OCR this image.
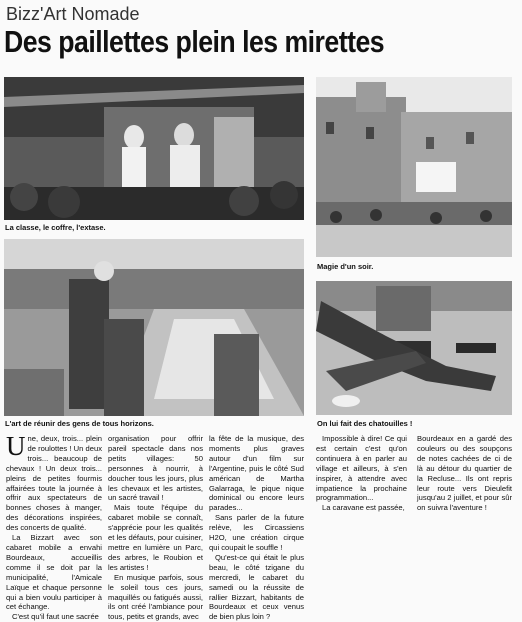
Bizz'Art Nomade
Des paillettes plein les mirettes
La classe, le coffre, l'extase.
Magie d'un soir.
L'art de réunir des gens de tous horizons.	On lui fait des chatouilles !

Une, deux, trois... plein de roulottes ! Un deux trois... beaucoup de chevaux ! Un deux trois... pleins de petites fourmis affairées toute la journée à offrir aux spectateurs de bonnes choses à manger, des décorations inspirées, des concerts de qualité.

La Bizzart avec son cabaret mobile a envahi Bourdeaux, accueillis comme il se doit par la municipalité, l'Amicale Laïque et chaque personne qui a bien voulu participer à cet échange.

C'est qu'il faut une sacrée

organisation pour offrir pareil spectacle dans nos petits villages: 50 personnes à nourrir, à doucher tous les jours, plus les chevaux et les artistes, un sacré travail !

Mais toute l'équipe du cabaret mobile se connaît, s'apprécie pour les qualités et les défauts, pour cuisiner, mettre en lumière un Parc, des arbres, le Roubion et les artistes !

En musique parfois, sous le soleil tous ces jours, maquillés ou fatigués aussi, ils ont créé l'ambiance pour tous, petits et grands, avec

la fête de la musique, des moments plus graves autour d'un film sur l'Argentine, puis le côté Sud américan de Martha Galarraga, le pique nique dominical ou encore leurs parades...

Sans parler de la future relève, les Circassiens H2O, une création cirque qui coupait le souffle !

Qu'est-ce qui était le plus beau, le côté tzigane du mercredi, le cabaret du samedi ou la réussite de rallier Bizzart, habitants de Bourdeaux et ceux venus de bien plus loin ?

Impossible à dire! Ce qui est certain c'est qu'on continuera à en parler au village et ailleurs, à s'en inspirer, à attendre avec impatience la prochaine programmation...

La caravane est passée,

Bourdeaux en a gardé des couleurs ou des soupçons de notes cachées de ci de là au détour du quartier de la Recluse... Ils ont repris leur route vers Dieulefit jusqu'au 2 juillet, et pour sûr on suivra l'aventure !
